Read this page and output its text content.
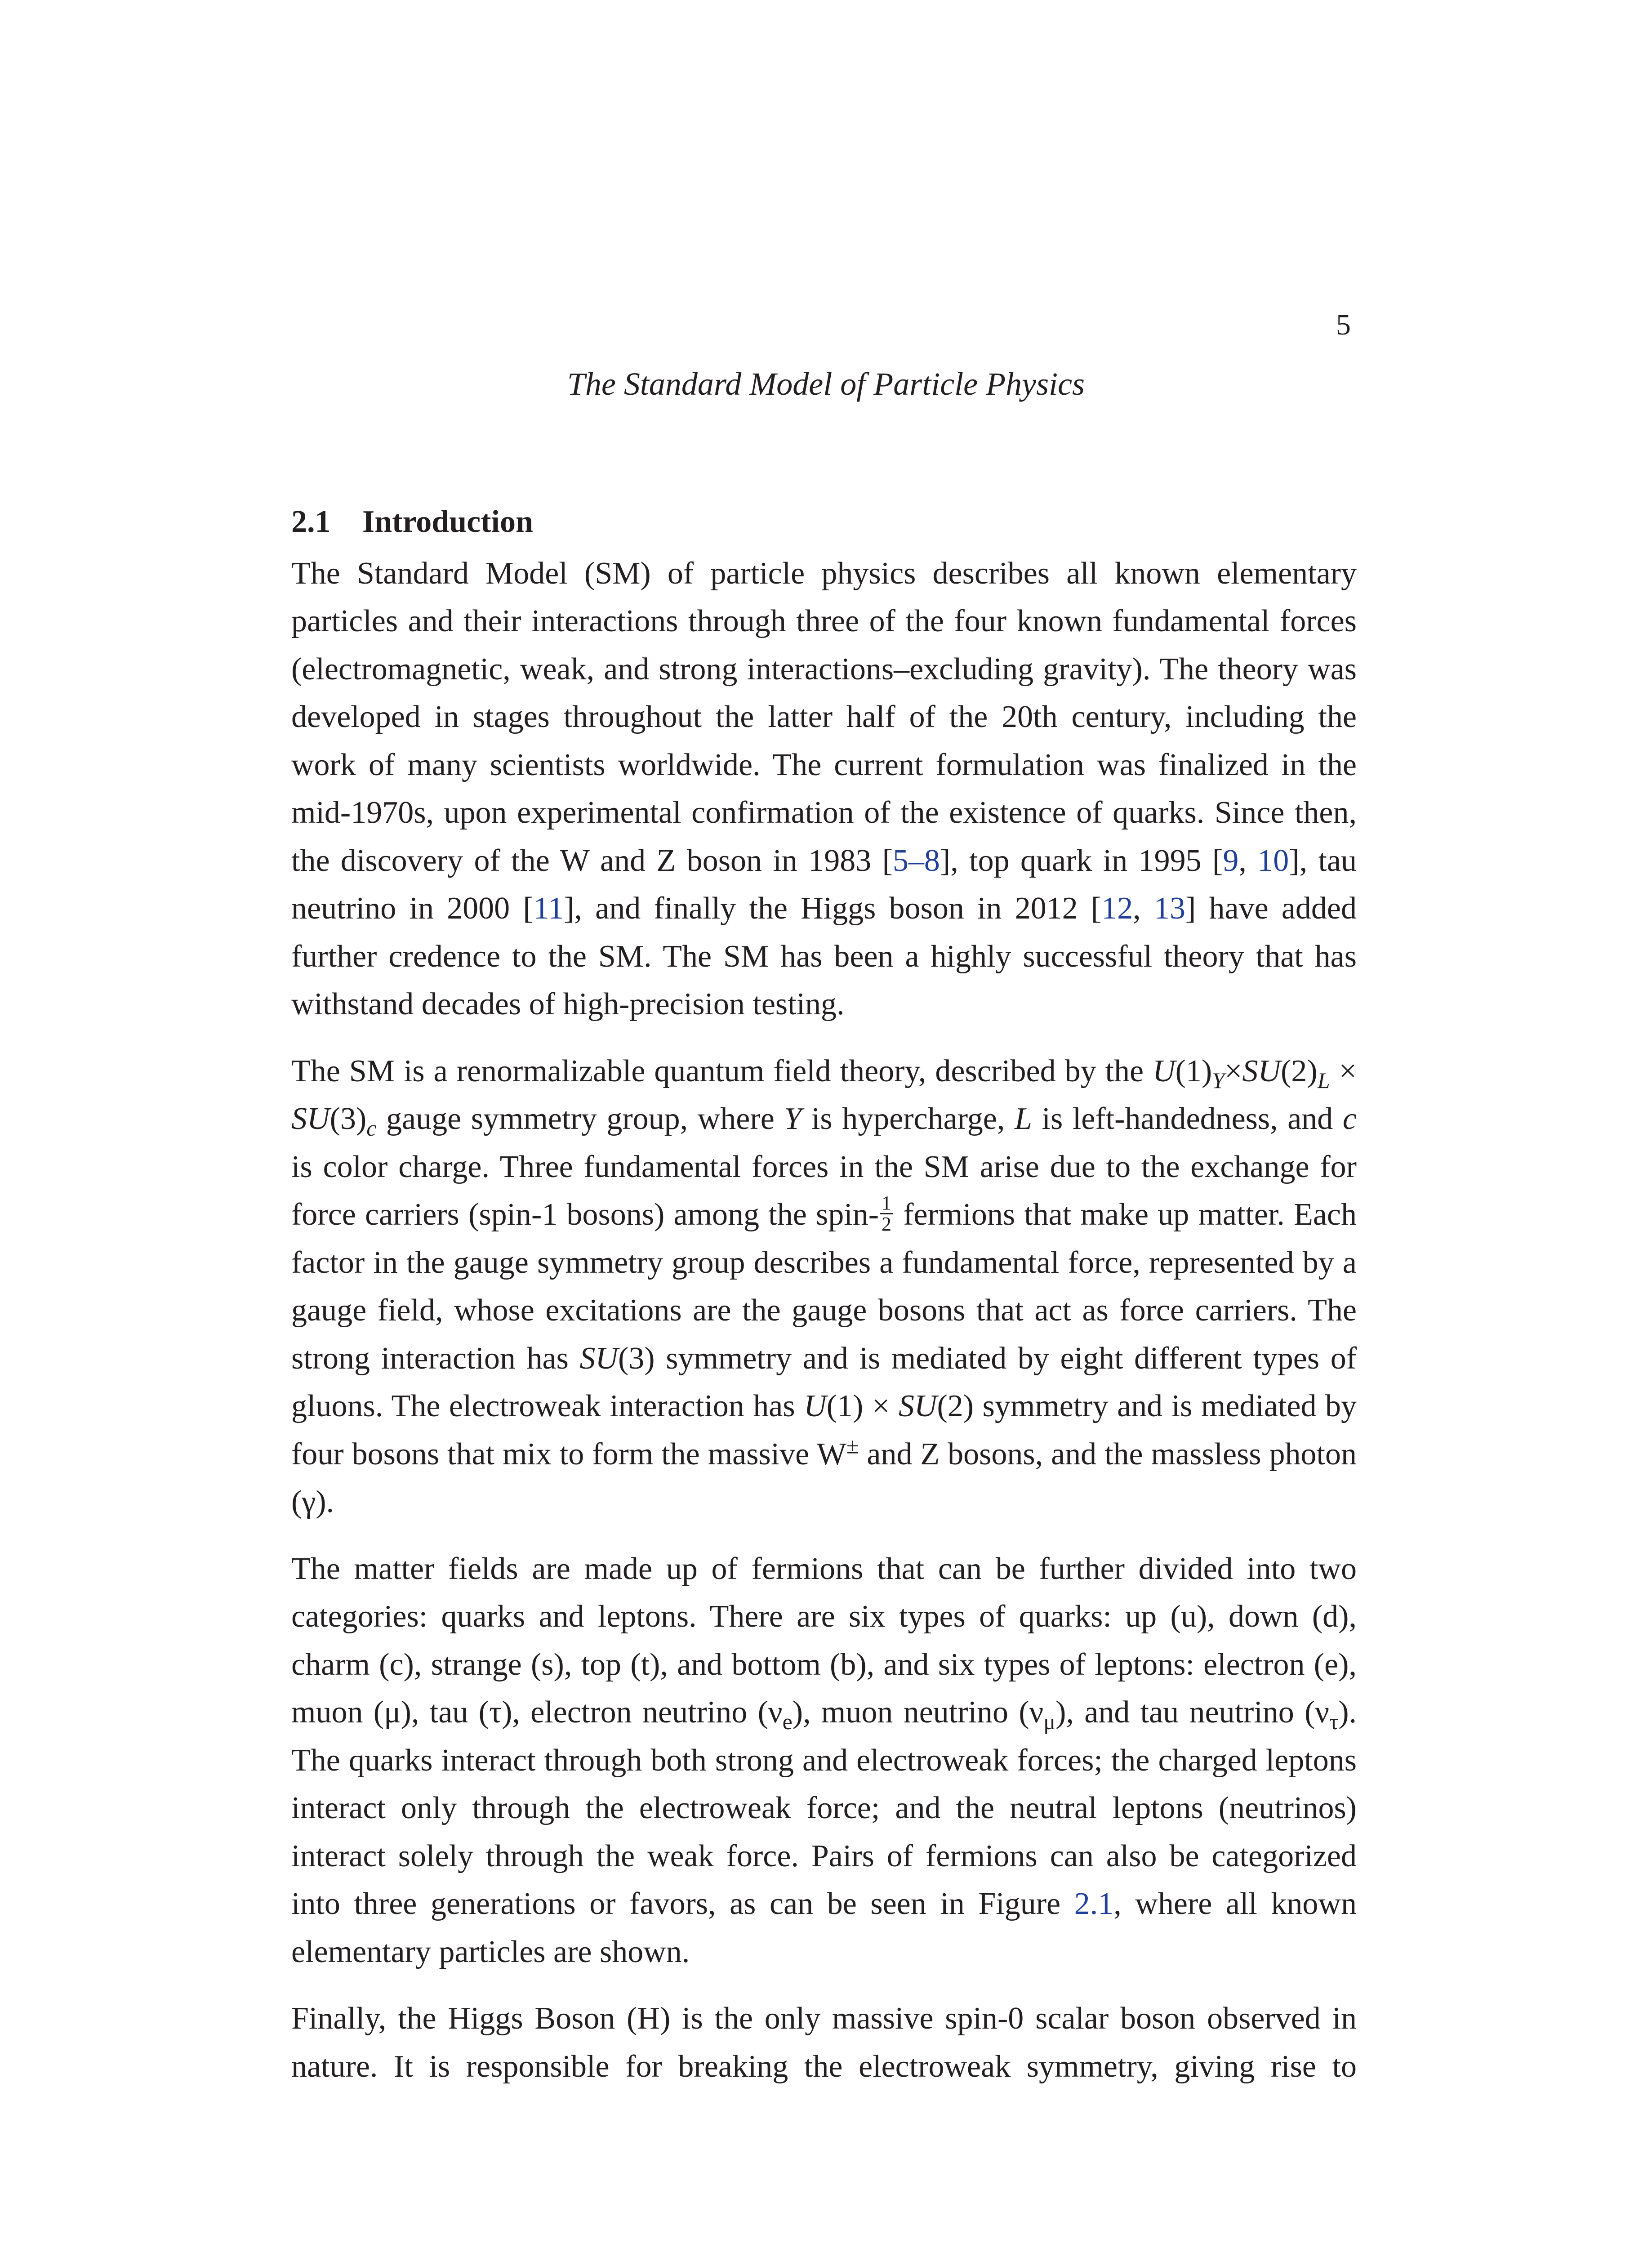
5
The Standard Model of Particle Physics
2.1 Introduction

The Standard Model (SM) of particle physics describes all known elementary particles and their interactions through three of the four known fundamental forces (electromagnetic, weak, and strong interactions–excluding gravity). The theory was developed in stages throughout the latter half of the 20th century, including the work of many scientists worldwide. The current formulation was finalized in the mid-1970s, upon experimental confirmation of the existence of quarks. Since then, the discovery of the W and Z boson in 1983 [5–8], top quark in 1995 [9, 10], tau neutrino in 2000 [11], and finally the Higgs boson in 2012 [12, 13] have added further credence to the SM. The SM has been a highly successful theory that has withstand decades of high-precision testing.

The SM is a renormalizable quantum field theory, described by the $U(1)_Y\times SU(2)_L \times SU(3)_c$ gauge symmetry group, where Y is hypercharge, L is left-handedness, and c is color charge. Three fundamental forces in the SM arise due to the exchange for force carriers (spin-1 bosons) among the spin- $\frac{1}{2}$ fermions that make up matter. Each factor in the gauge symmetry group describes a fundamental force, represented by a gauge field, whose excitations are the gauge bosons that act as force carriers. The strong interaction has SU(3) symmetry and is mediated by eight different types of gluons. The electroweak interaction has U(1) × SU(2) symmetry and is mediated by four bosons that mix to form the massive W± and Z bosons, and the massless photon (γ).

The matter fields are made up of fermions that can be further divided into two categories: quarks and leptons. There are six types of quarks: up (u), down (d), charm (c), strange (s), top (t), and bottom (b), and six types of leptons: electron (e), muon (μ), tau (τ), electron neutrino $(\nu_e)$, muon neutrino $(\nu_\mu)$, and tau neutrino $(\nu_\tau)$. The quarks interact through both strong and electroweak forces; the charged leptons interact only through the electroweak force; and the neutral leptons (neutrinos) interact solely through the weak force. Pairs of fermions can also be categorized into three generations or favors, as can be seen in Figure 2.1, where all known elementary particles are shown.

Finally, the Higgs Boson (H) is the only massive spin-0 scalar boson observed in nature. It is responsible for breaking the electroweak symmetry, giving rise to
